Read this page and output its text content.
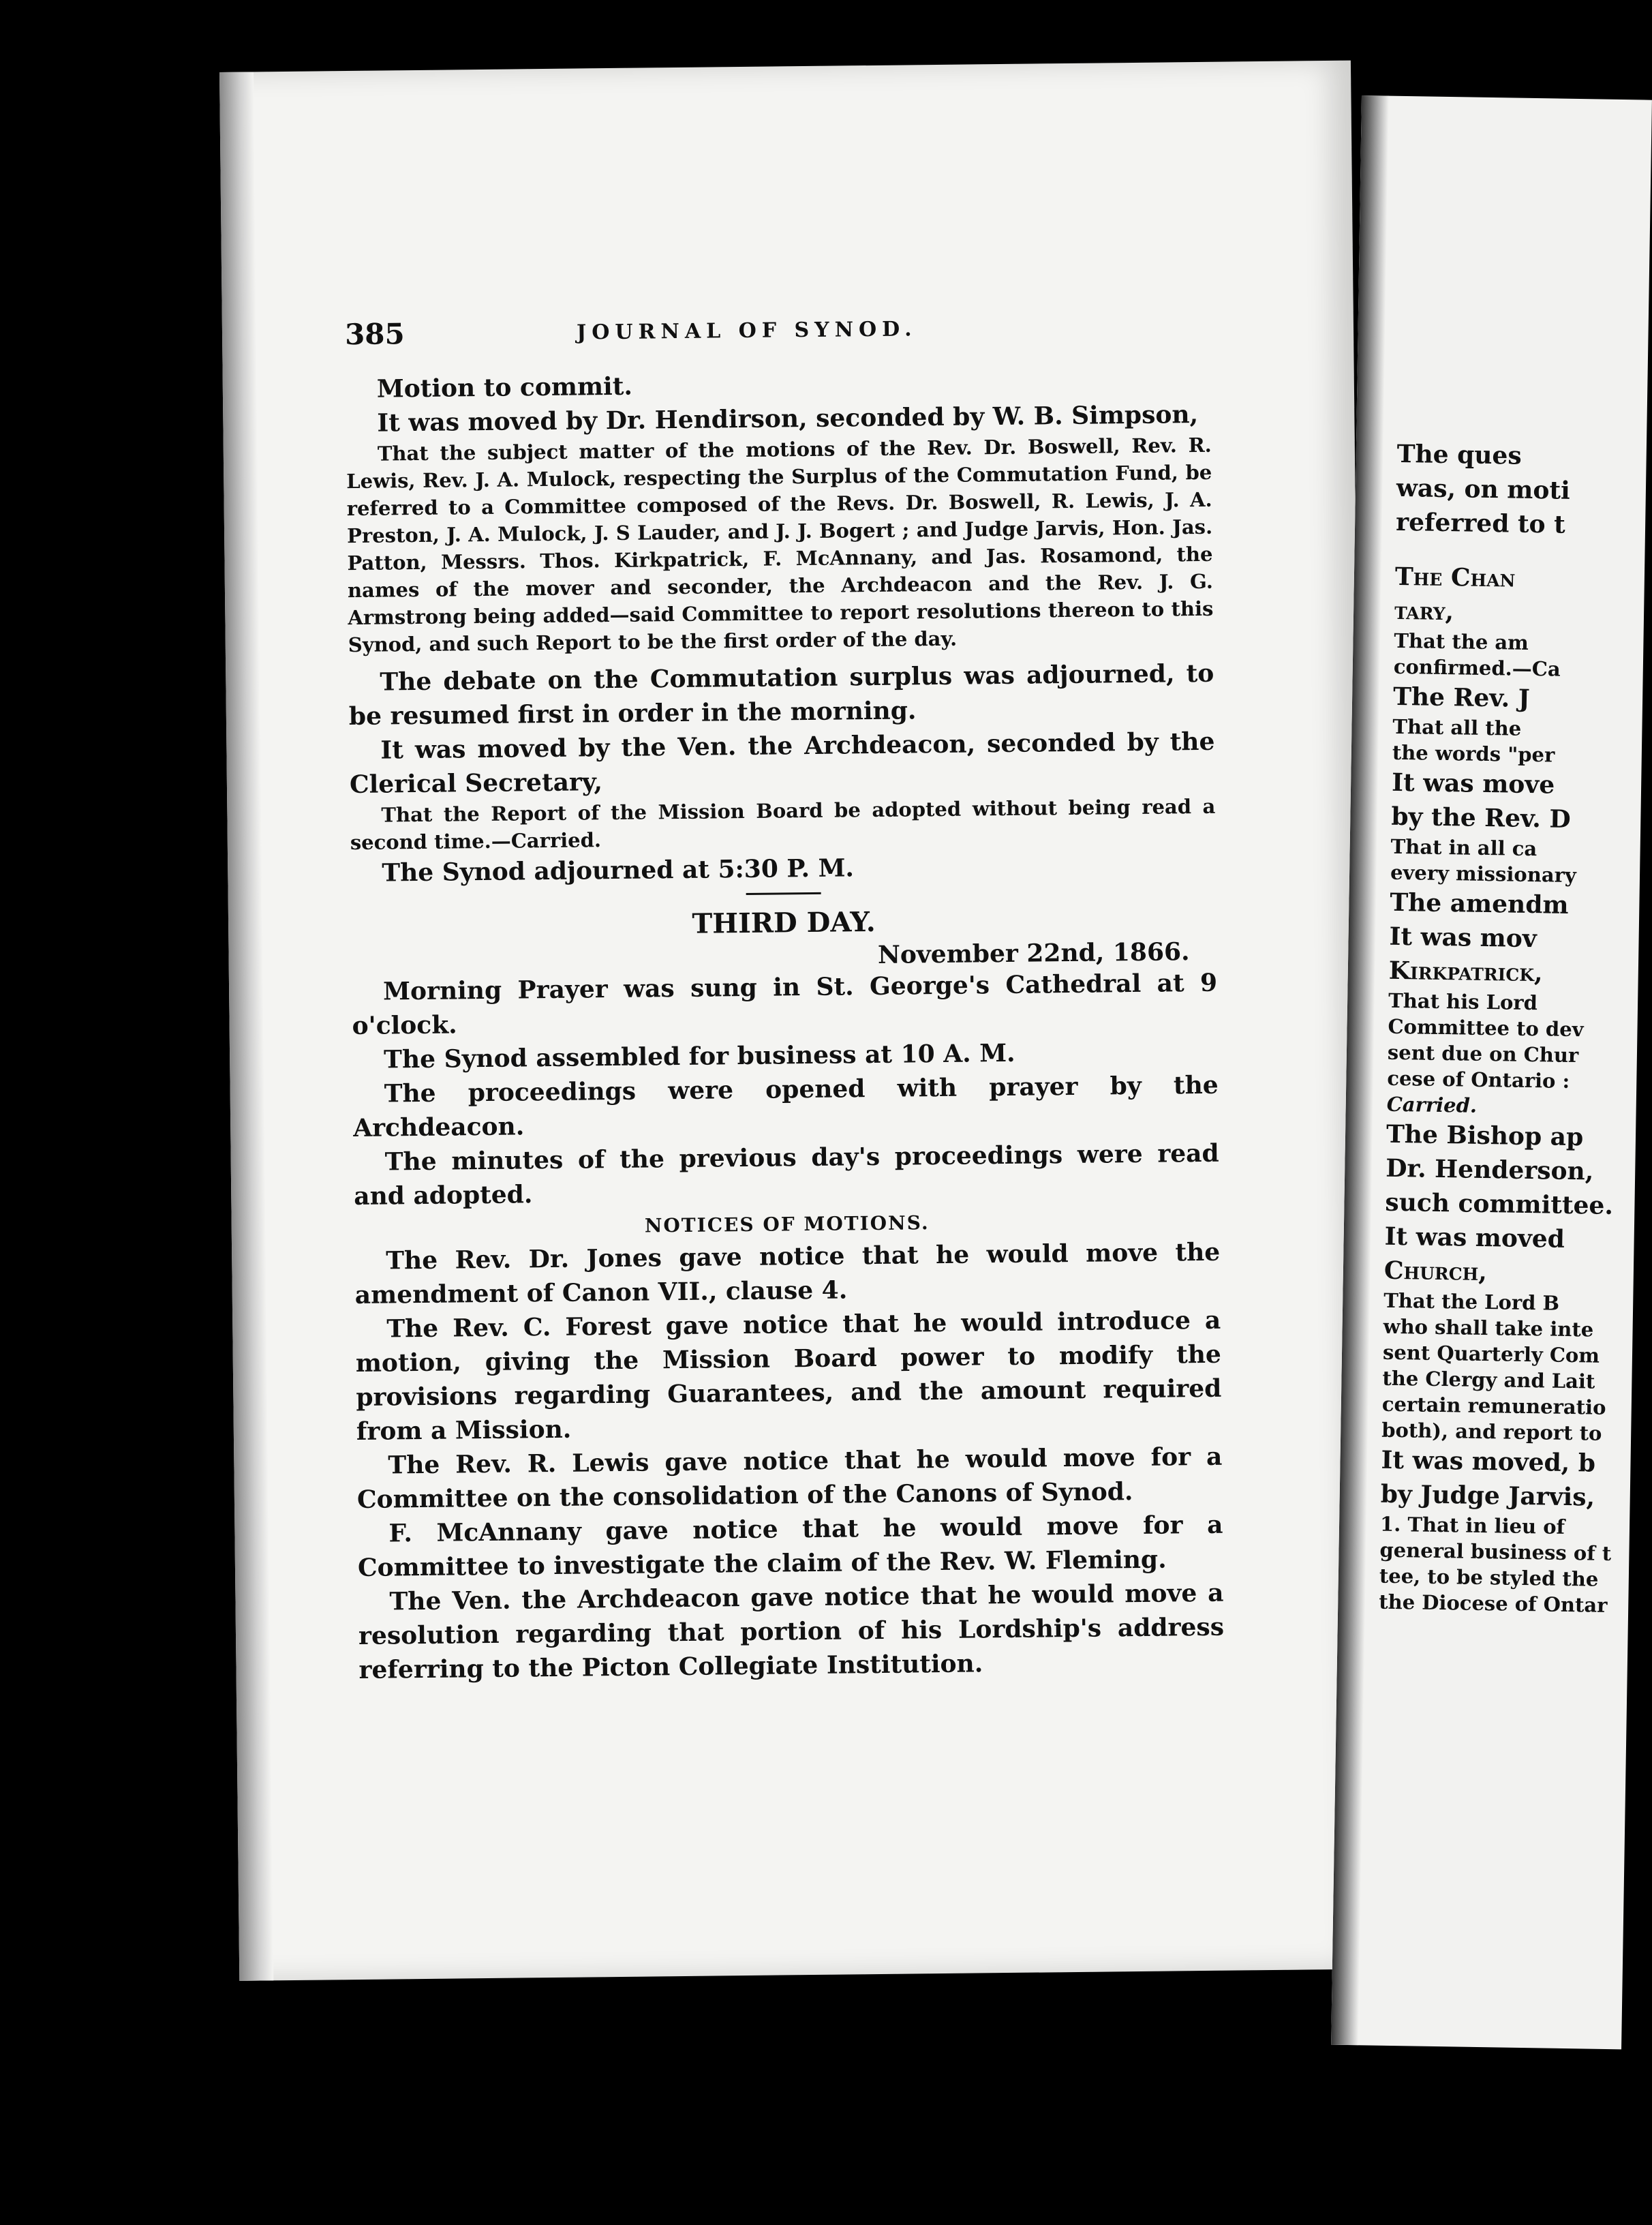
385	JOURNAL OF SYNOD.

Motion to commit.

It was moved by Dr. Hendirson, seconded by W. B. Simpson,

That the subject matter of the motions of the Rev. Dr. Boswell, Rev. R. Lewis, Rev. J. A. Mulock, respecting the Surplus of the Commutation Fund, be referred to a Committee composed of the Revs. Dr. Boswell, R. Lewis, J. A. Preston, J. A. Mulock, J. S Lauder, and J. J. Bogert ; and Judge Jarvis, Hon. Jas. Patton, Messrs. Thos. Kirkpatrick, F. McAnnany, and Jas. Rosamond, the names of the mover and seconder, the Archdeacon and the Rev. J. G. Armstrong being added—said Committee to report resolutions thereon to this Synod, and such Report to be the first order of the day.

The debate on the Commutation surplus was adjourned, to be resumed first in order in the morning.

It was moved by the Ven. the Archdeacon, seconded by the Clerical Secretary,

That the Report of the Mission Board be adopted without being read a second time.—Carried.

The Synod adjourned at 5:30 P. M.

THIRD DAY.

November 22nd, 1866.

Morning Prayer was sung in St. George's Cathedral at 9 o'clock.

The Synod assembled for business at 10 A. M.

The proceedings were opened with prayer by the Archdeacon.

The minutes of the previous day's proceedings were read and adopted.

NOTICES OF MOTIONS.

The Rev. Dr. Jones gave notice that he would move the amendment of Canon VII., clause 4.

The Rev. C. Forest gave notice that he would introduce a motion, giving the Mission Board power to modify the provisions regarding Guarantees, and the amount required from a Mission.

The Rev. R. Lewis gave notice that he would move for a Committee on the consolidation of the Canons of Synod.

F. McAnnany gave notice that he would move for a Committee to investigate the claim of the Rev. W. Fleming.

The Ven. the Archdeacon gave notice that he would move a resolution regarding that portion of his Lordship's address referring to the Picton Collegiate Institution.

The ques

was, on moti

referred to t

The Chan

tary,

That the am

confirmed.—Ca

The Rev. J

That all the

the words "per

It was move

by the Rev. D

That in all ca

every missionary

The amendm

It was mov

Kirkpatrick,

That his Lord

Committee to dev

sent due on Chur

cese of Ontario :

Carried.

The Bishop ap

Dr. Henderson,

such committee.

It was moved

Church,

That the Lord B

who shall take inte

sent Quarterly Com

the Clergy and Lait

certain remuneratio

both), and report to

It was moved, b

by Judge Jarvis,

1. That in lieu of

general business of t

tee, to be styled the

the Diocese of Ontar
